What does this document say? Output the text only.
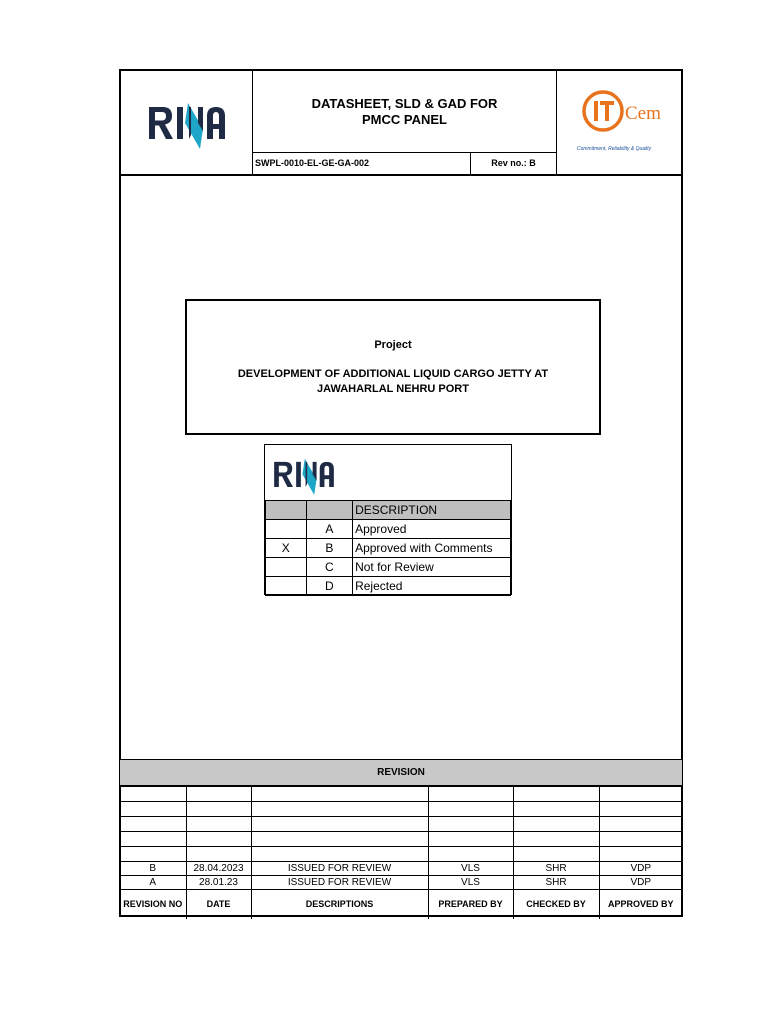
DATASHEET, SLD & GAD FOR
PMCC PANEL
SWPL-0010-EL-GE-GA-002	Rev no.: B
Cem
Commitment, Reliability & Quality
Project
DEVELOPMENT OF ADDITIONAL LIQUID CARGO JETTY AT
JAWAHARLAL NEHRU PORT
		DESCRIPTION
	A	Approved
X	B	Approved with Comments
	C	Not for Review
	D	Rejected
REVISION

B	28.04.2023	ISSUED FOR REVIEW	VLS	SHR	VDP
A	28.01.23	ISSUED FOR REVIEW	VLS	SHR	VDP
REVISION NO	DATE	DESCRIPTIONS	PREPARED BY	CHECKED BY	APPROVED BY
